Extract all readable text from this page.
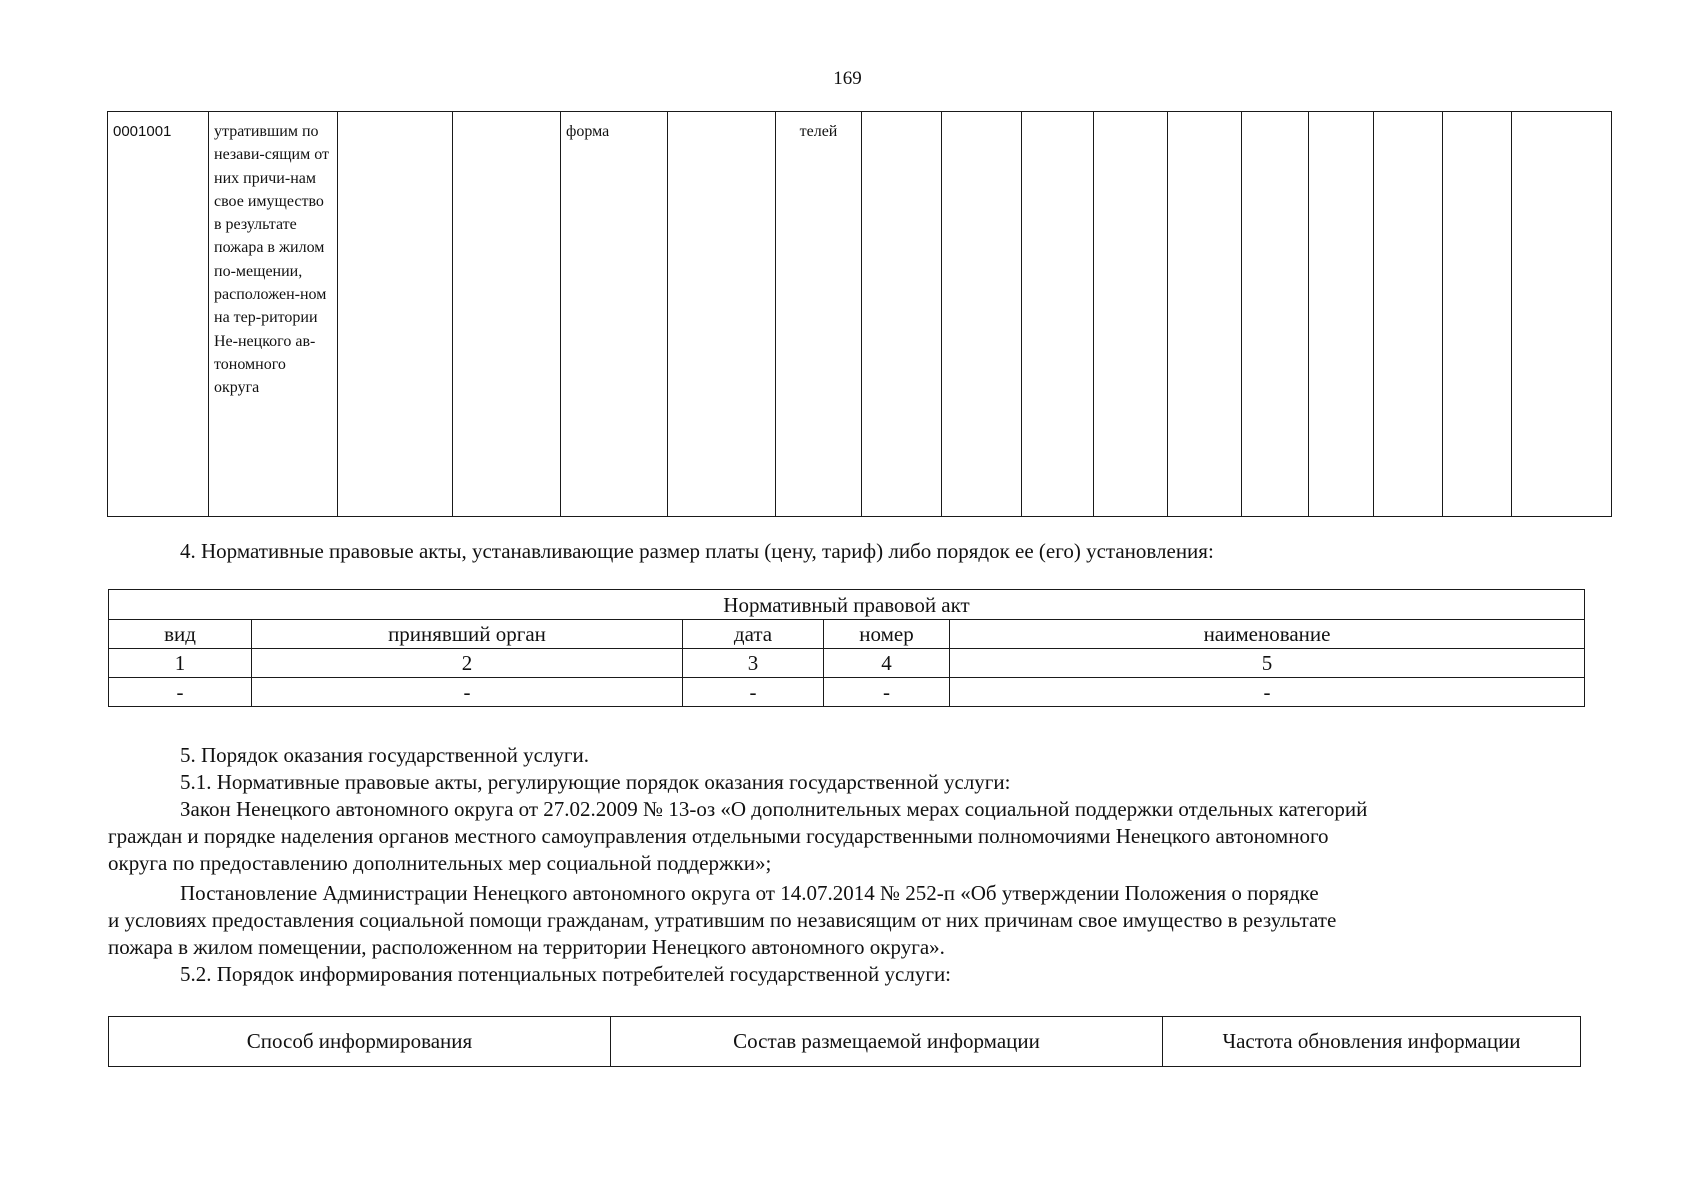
169
0001001	утратившим по незави-сящим от них причи-нам свое имущество в результате пожара в жилом по-мещении, расположен-ном на тер-ритории Не-нецкого ав-тономного округа			форма		телей										
4. Нормативные правовые акты, устанавливающие размер платы (цену, тариф) либо порядок ее (его) установления:
Нормативный правовой акт				
вид	принявший орган	дата	номер	наименование
1	2	3	4	5
-	-	-	-	-
5. Порядок оказания государственной услуги.
5.1. Нормативные правовые акты, регулирующие порядок оказания государственной услуги:
Закон Ненецкого автономного округа от 27.02.2009 № 13-оз «О дополнительных мерах социальной поддержки отдельных категорий
граждан и порядке наделения органов местного самоуправления отдельными государственными полномочиями Ненецкого автономного
округа по предоставлению дополнительных мер социальной поддержки»;
Постановление Администрации Ненецкого автономного округа от 14.07.2014 № 252-п «Об утверждении Положения о порядке
и условиях предоставления социальной помощи гражданам, утратившим по независящим от них причинам свое имущество в результате
пожара в жилом помещении, расположенном на территории Ненецкого автономного округа».
5.2. Порядок информирования потенциальных потребителей государственной услуги:
Способ информирования	Состав размещаемой информации	Частота обновления информации
